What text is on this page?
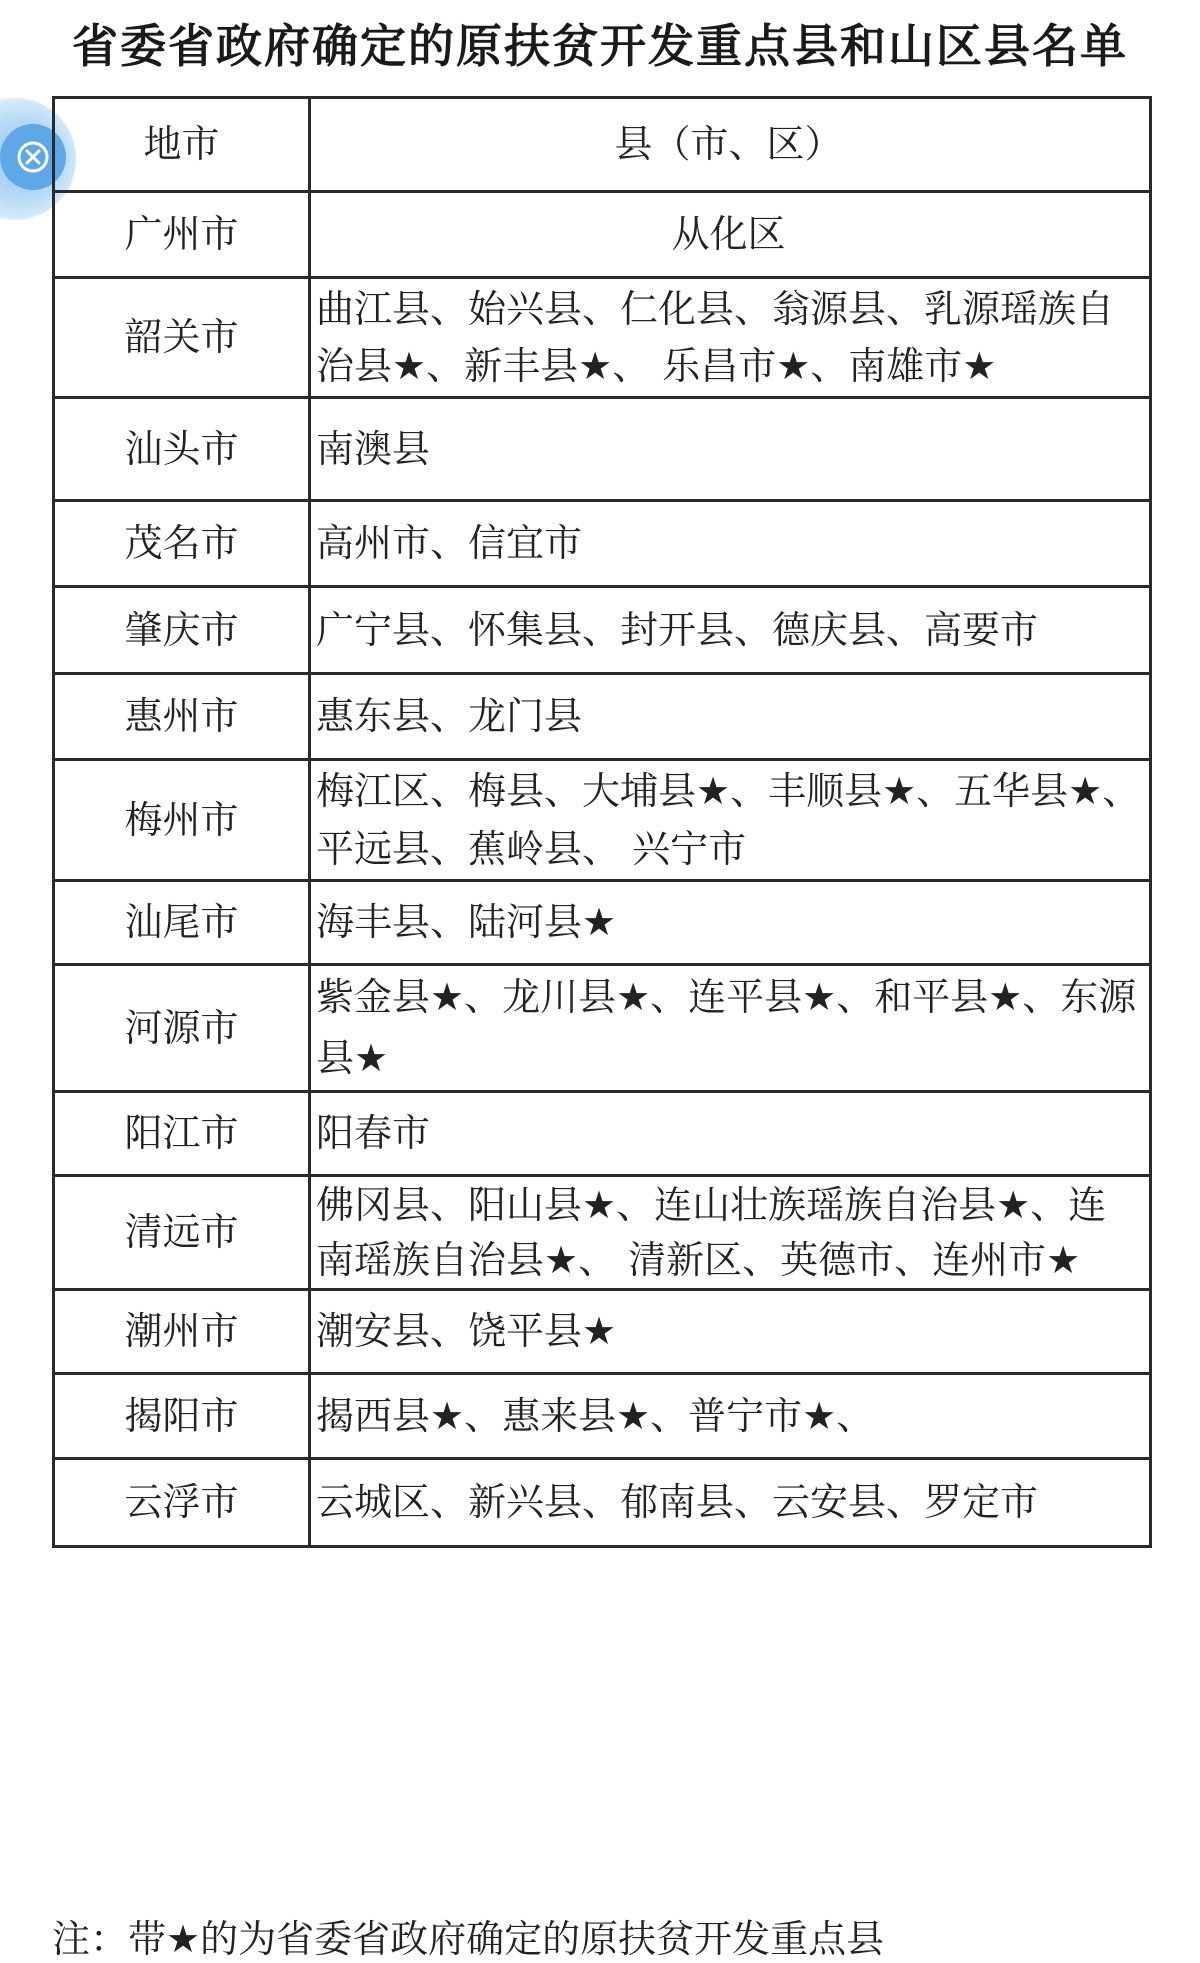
省委省政府确定的原扶贫开发重点县和山区县名单
地市	县（市、区）
广州市	从化区
韶关市	曲江县、始兴县、仁化县、翁源县、乳源瑶族自治县★、新丰县★、 乐昌市★、南雄市★
汕头市	南澳县
茂名市	高州市、信宜市
肇庆市	广宁县、怀集县、封开县、德庆县、高要市
惠州市	惠东县、龙门县
梅州市	梅江区、梅县、大埔县★、丰顺县★、五华县★、平远县、蕉岭县、 兴宁市
汕尾市	海丰县、陆河县★
河源市	紫金县★、龙川县★、连平县★、和平县★、东源县★
阳江市	阳春市
清远市	佛冈县、阳山县★、连山壮族瑶族自治县★、连南瑶族自治县★、 清新区、英德市、连州市★
潮州市	潮安县、饶平县★
揭阳市	揭西县★、惠来县★、普宁市★、
云浮市	云城区、新兴县、郁南县、云安县、罗定市

注：带★的为省委省政府确定的原扶贫开发重点县
